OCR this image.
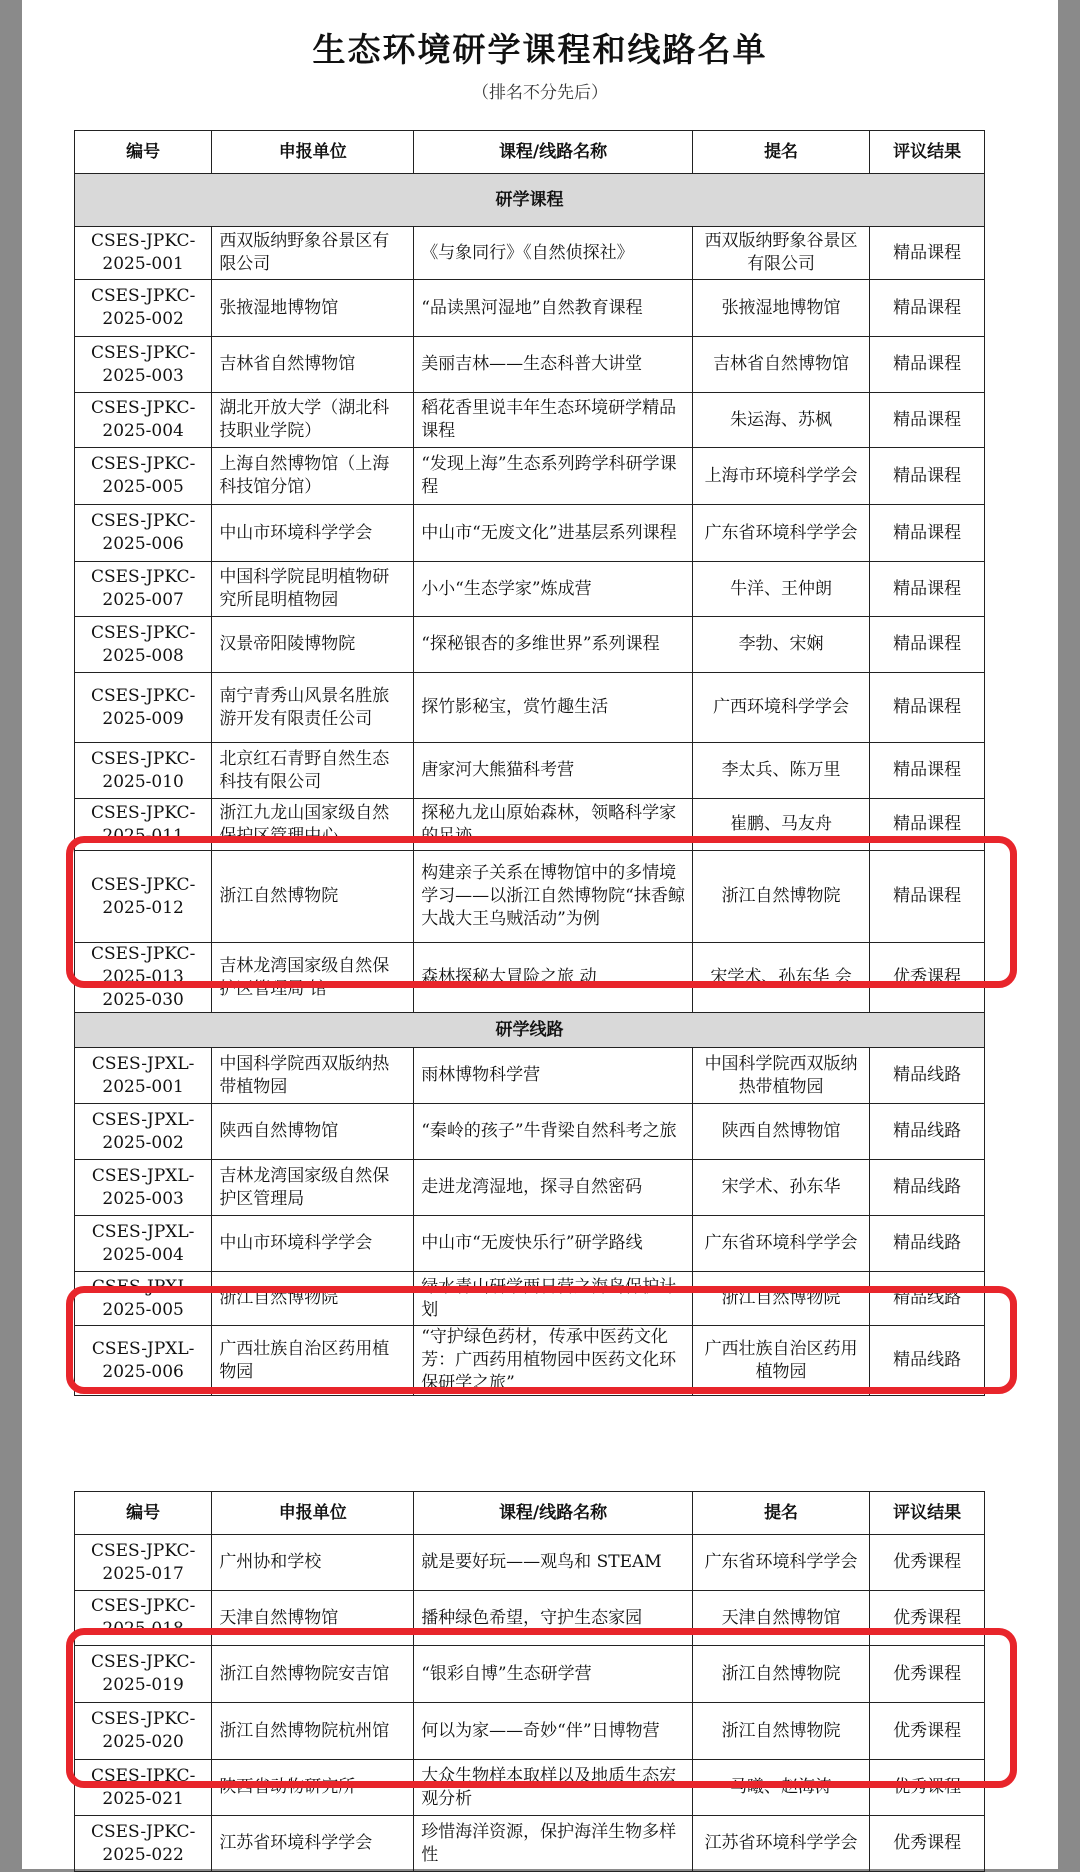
生态环境研学课程和线路名单
（排名不分先后）
编号	申报单位	课程/线路名称	提名	评议结果
研学课程				
CSES-JPKC-2025-001	西双版纳野象谷景区有限公司	《与象同行》《自然侦探社》	西双版纳野象谷景区有限公司	精品课程
CSES-JPKC-2025-002	张掖湿地博物馆	“品读黑河湿地”自然教育课程	张掖湿地博物馆	精品课程
CSES-JPKC-2025-003	吉林省自然博物馆	美丽吉林——生态科普大讲堂	吉林省自然博物馆	精品课程
CSES-JPKC-2025-004	湖北开放大学（湖北科技职业学院）	稻花香里说丰年生态环境研学精品课程	朱运海、苏枫	精品课程
CSES-JPKC-2025-005	上海自然博物馆（上海科技馆分馆）	“发现上海”生态系列跨学科研学课程	上海市环境科学学会	精品课程
CSES-JPKC-2025-006	中山市环境科学学会	中山市“无废文化”进基层系列课程	广东省环境科学学会	精品课程
CSES-JPKC-2025-007	中国科学院昆明植物研究所昆明植物园	小小“生态学家”炼成营	牛洋、王仲朗	精品课程
CSES-JPKC-2025-008	汉景帝阳陵博物院	“探秘银杏的多维世界”系列课程	李勃、宋娴	精品课程
CSES-JPKC-2025-009	南宁青秀山风景名胜旅游开发有限责任公司	探竹影秘宝，赏竹趣生活	广西环境科学学会	精品课程
CSES-JPKC-2025-010	北京红石青野自然生态科技有限公司	唐家河大熊猫科考营	李太兵、陈万里	精品课程
CSES-JPKC-2025-011	浙江九龙山国家级自然保护区管理中心	探秘九龙山原始森林，领略科学家的足迹	崔鹏、马友舟	精品课程
CSES-JPKC-2025-012	浙江自然博物院	构建亲子关系在博物馆中的多情境学习——以浙江自然博物院“抹香鲸大战大王乌贼活动”为例	浙江自然博物院	精品课程
CSES-JPKC-2025-013 2025-030	吉林龙湾国家级自然保护区管理局 馆	森林探秘大冒险之旅 动	宋学术、孙东华 会	优秀课程
研学线路				
CSES-JPXL-2025-001	中国科学院西双版纳热带植物园	雨林博物科学营	中国科学院西双版纳热带植物园	精品线路
CSES-JPXL-2025-002	陕西自然博物馆	“秦岭的孩子”牛背梁自然科考之旅	陕西自然博物馆	精品线路
CSES-JPXL-2025-003	吉林龙湾国家级自然保护区管理局	走进龙湾湿地，探寻自然密码	宋学术、孙东华	精品线路
CSES-JPXL-2025-004	中山市环境科学学会	中山市“无废快乐行”研学路线	广东省环境科学学会	精品线路
CSES-JPXL-2025-005	浙江自然博物院	绿水青山研学两日营之海岛保护计划	浙江自然博物院	精品线路
CSES-JPXL-2025-006	广西壮族自治区药用植物园	“守护绿色药材，传承中医药文化芳：广西药用植物园中医药文化环保研学之旅”	广西壮族自治区药用植物园	精品线路
编号	申报单位	课程/线路名称	提名	评议结果
CSES-JPKC-2025-017	广州协和学校	就是要好玩——观鸟和 STEAM	广东省环境科学学会	优秀课程
CSES-JPKC-2025-018	天津自然博物馆	播种绿色希望，守护生态家园	天津自然博物馆	优秀课程
CSES-JPKC-2025-019	浙江自然博物院安吉馆	“银彩自博”生态研学营	浙江自然博物院	优秀课程
CSES-JPKC-2025-020	浙江自然博物院杭州馆	何以为家——奇妙“伴”日博物营	浙江自然博物院	优秀课程
CSES-JPKC-2025-021	陕西省动物研究所	大众生物样本取样以及地质生态宏观分析	马曦、赵海涛	优秀课程
CSES-JPKC-2025-022	江苏省环境科学学会	珍惜海洋资源，保护海洋生物多样性	江苏省环境科学学会	优秀课程
